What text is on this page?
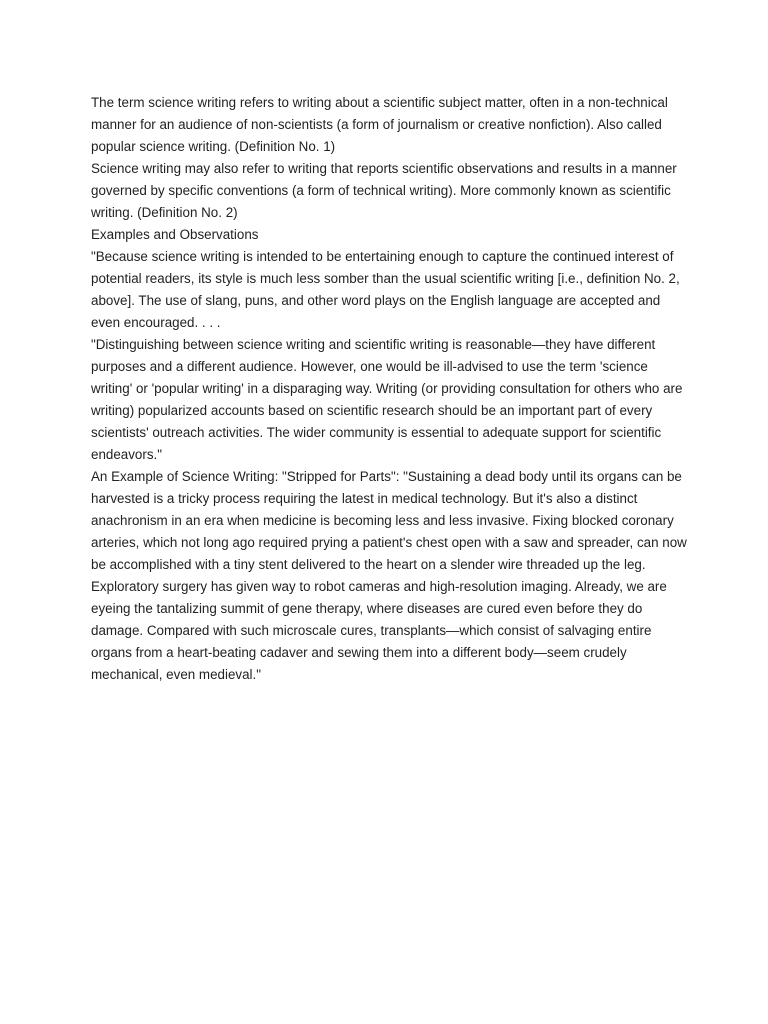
The term science writing refers to writing about a scientific subject matter, often in a non-technical manner for an audience of non-scientists (a form of journalism or creative nonfiction). Also called popular science writing. (Definition No. 1)

Science writing may also refer to writing that reports scientific observations and results in a manner governed by specific conventions (a form of technical writing). More commonly known as scientific writing. (Definition No. 2)

Examples and Observations

"Because science writing is intended to be entertaining enough to capture the continued interest of potential readers, its style is much less somber than the usual scientific writing [i.e., definition No. 2, above]. The use of slang, puns, and other word plays on the English language are accepted and even encouraged. . . .

"Distinguishing between science writing and scientific writing is reasonable—they have different purposes and a different audience. However, one would be ill-advised to use the term 'science writing' or 'popular writing' in a disparaging way. Writing (or providing consultation for others who are writing) popularized accounts based on scientific research should be an important part of every scientists' outreach activities. The wider community is essential to adequate support for scientific endeavors."

An Example of Science Writing: "Stripped for Parts": "Sustaining a dead body until its organs can be harvested is a tricky process requiring the latest in medical technology. But it's also a distinct anachronism in an era when medicine is becoming less and less invasive. Fixing blocked coronary arteries, which not long ago required prying a patient's chest open with a saw and spreader, can now be accomplished with a tiny stent delivered to the heart on a slender wire threaded up the leg. Exploratory surgery has given way to robot cameras and high-resolution imaging. Already, we are eyeing the tantalizing summit of gene therapy, where diseases are cured even before they do damage. Compared with such microscale cures, transplants—which consist of salvaging entire organs from a heart-beating cadaver and sewing them into a different body—seem crudely mechanical, even medieval."
